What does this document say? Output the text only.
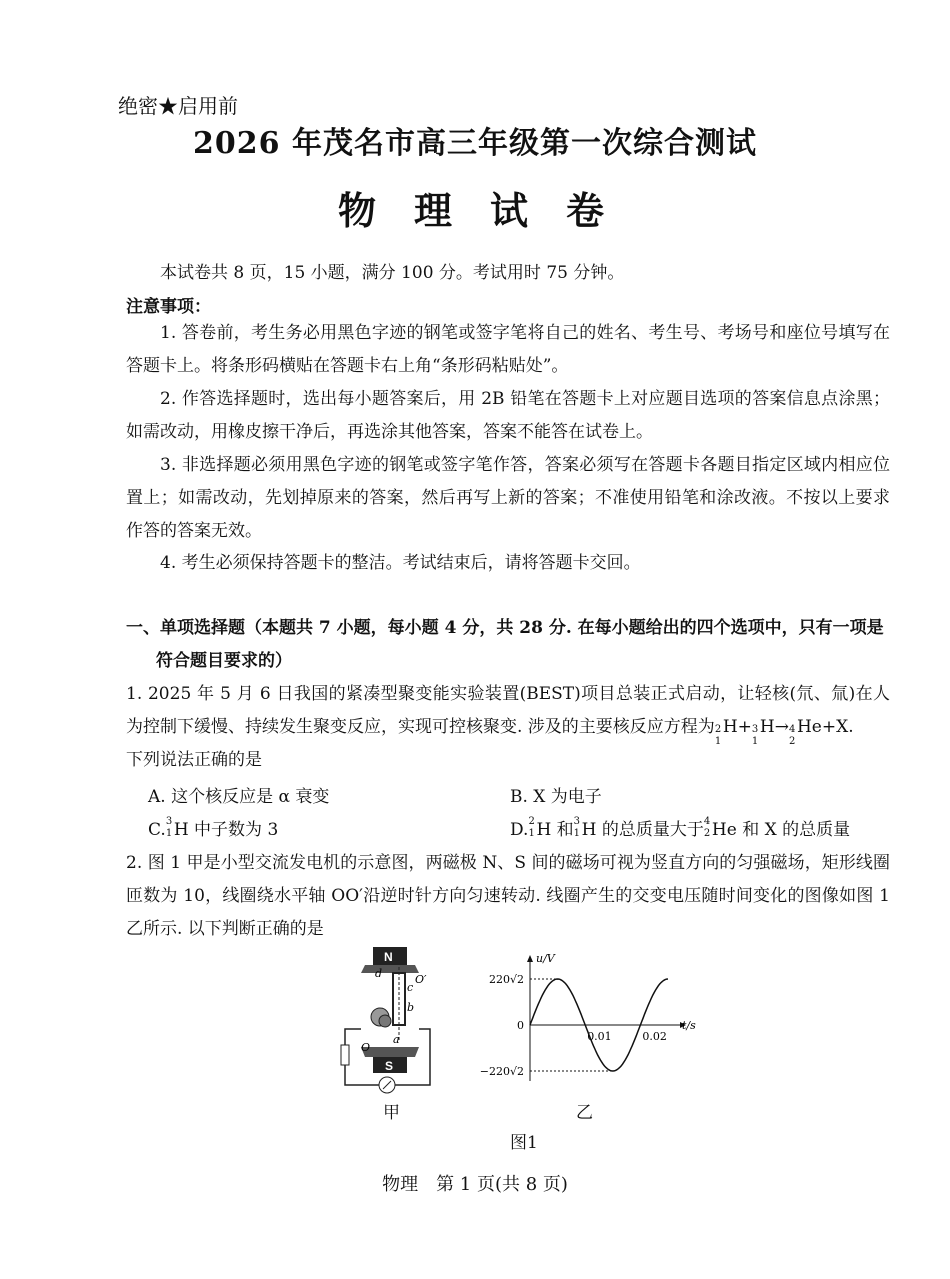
绝密★启用前
2026 年茂名市高三年级第一次综合测试
物理试卷
本试卷共 8 页，15 小题，满分 100 分。考试用时 75 分钟。
注意事项：
1. 答卷前，考生务必用黑色字迹的钢笔或签字笔将自己的姓名、考生号、考场号和座位号填写在答题卡上。将条形码横贴在答题卡右上角“条形码粘贴处”。
2. 作答选择题时，选出每小题答案后，用 2B 铅笔在答题卡上对应题目选项的答案信息点涂黑；如需改动，用橡皮擦干净后，再选涂其他答案，答案不能答在试卷上。
3. 非选择题必须用黑色字迹的钢笔或签字笔作答，答案必须写在答题卡各题目指定区域内相应位置上；如需改动，先划掉原来的答案，然后再写上新的答案；不准使用铅笔和涂改液。不按以上要求作答的答案无效。
4. 考生必须保持答题卡的整洁。考试结束后，请将答题卡交回。
一、单项选择题（本题共 7 小题，每小题 4 分，共 28 分. 在每小题给出的四个选项中，只有一项是符合题目要求的）
1. 2025 年 5 月 6 日我国的紧凑型聚变能实验装置(BEST)项目总装正式启动，让轻核(氘、氚)在人为控制下缓慢、持续发生聚变反应，实现可控核聚变. 涉及的主要核反应方程为 2
1
H+ 3
1
H→ 4
2
He+X.
下列说法正确的是
A. 这个核反应是 α 衰变	B. X 为电子
C. 3
1 H 中子数为 3	D. 2
1 H 和 3
1 H 的总质量大于 4
2 He 和 X 的总质量
2. 图 1 甲是小型交流发电机的示意图，两磁极 N、S 间的磁场可视为竖直方向的匀强磁场，矩形线圈匝数为 10，线圈绕水平轴 OO′沿逆时针方向匀速转动. 线圈产生的交变电压随时间变化的图像如图 1 乙所示. 以下判断正确的是
N
S
d
c
b
a
O′
O
甲
u/V
t/s
0.01	0.02
220√2
0
−220√2
乙
图1
物理　第 1 页(共 8 页)
